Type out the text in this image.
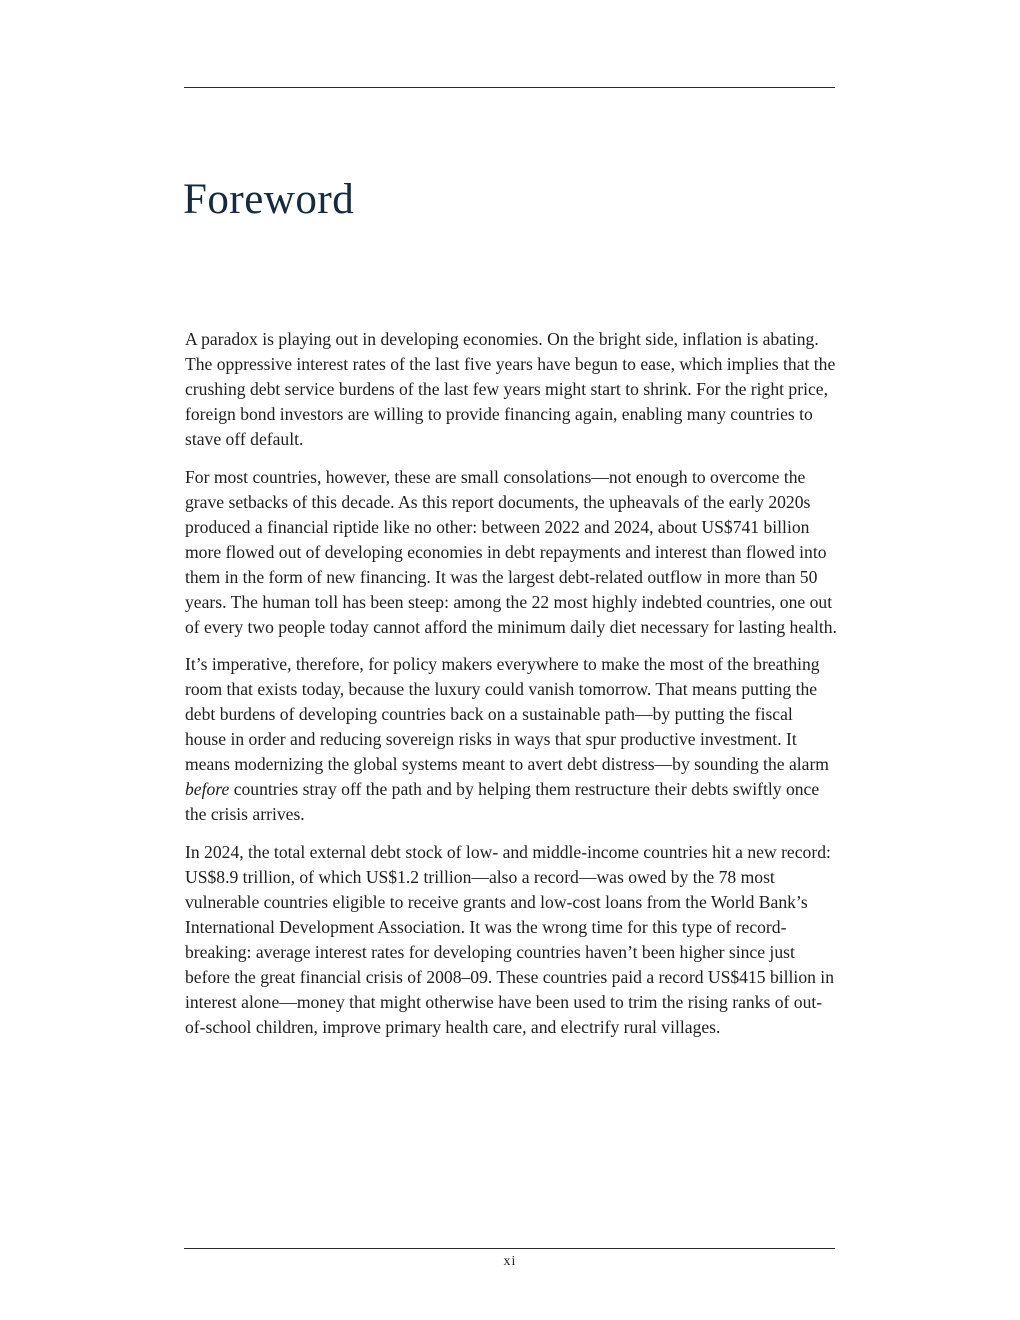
Foreword

A paradox is playing out in developing economies. On the bright side, inflation is abating. The oppressive interest rates of the last five years have begun to ease, which implies that the crushing debt service burdens of the last few years might start to shrink. For the right price, foreign bond investors are willing to provide financing again, enabling many countries to stave off default.

For most countries, however, these are small consolations—not enough to overcome the grave setbacks of this decade. As this report documents, the upheavals of the early 2020s produced a financial riptide like no other: between 2022 and 2024, about US$741 billion more flowed out of developing economies in debt repayments and interest than flowed into them in the form of new financing. It was the largest debt-related outflow in more than 50 years. The human toll has been steep: among the 22 most highly indebted countries, one out of every two people today cannot afford the minimum daily diet necessary for lasting health.

It’s imperative, therefore, for policy makers everywhere to make the most of the breathing room that exists today, because the luxury could vanish tomorrow. That means putting the debt burdens of developing countries back on a sustainable path—by putting the fiscal house in order and reducing sovereign risks in ways that spur productive investment. It means modernizing the global systems meant to avert debt distress—by sounding the alarm before countries stray off the path and by helping them restructure their debts swiftly once the crisis arrives.

In 2024, the total external debt stock of low- and middle-income countries hit a new record: US$8.9 trillion, of which US$1.2 trillion—also a record—was owed by the 78 most vulnerable countries eligible to receive grants and low-cost loans from the World Bank’s International Development Association. It was the wrong time for this type of record-breaking: average interest rates for developing countries haven’t been higher since just before the great financial crisis of 2008–09. These countries paid a record US$415 billion in interest alone—money that might otherwise have been used to trim the rising ranks of out-of-school children, improve primary health care, and electrify rural villages.

xi
